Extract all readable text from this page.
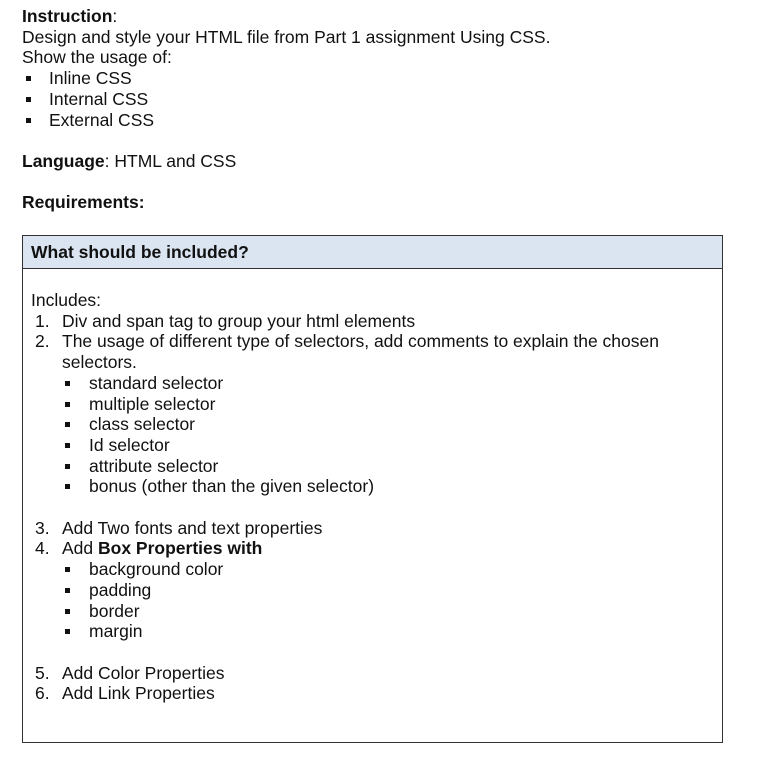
Instruction:
Design and style your HTML file from Part 1 assignment Using CSS.
Show the usage of:
Inline CSS
Internal CSS
External CSS
Language: HTML and CSS
Requirements:
What should be included?
Includes:
1. Div and span tag to group your html elements
2. The usage of different type of selectors, add comments to explain the chosen
selectors.
standard selector
multiple selector
class selector
Id selector
attribute selector
bonus (other than the given selector)
3. Add Two fonts and text properties
4. Add Box Properties with
background color
padding
border
margin
5. Add Color Properties
6. Add Link Properties
